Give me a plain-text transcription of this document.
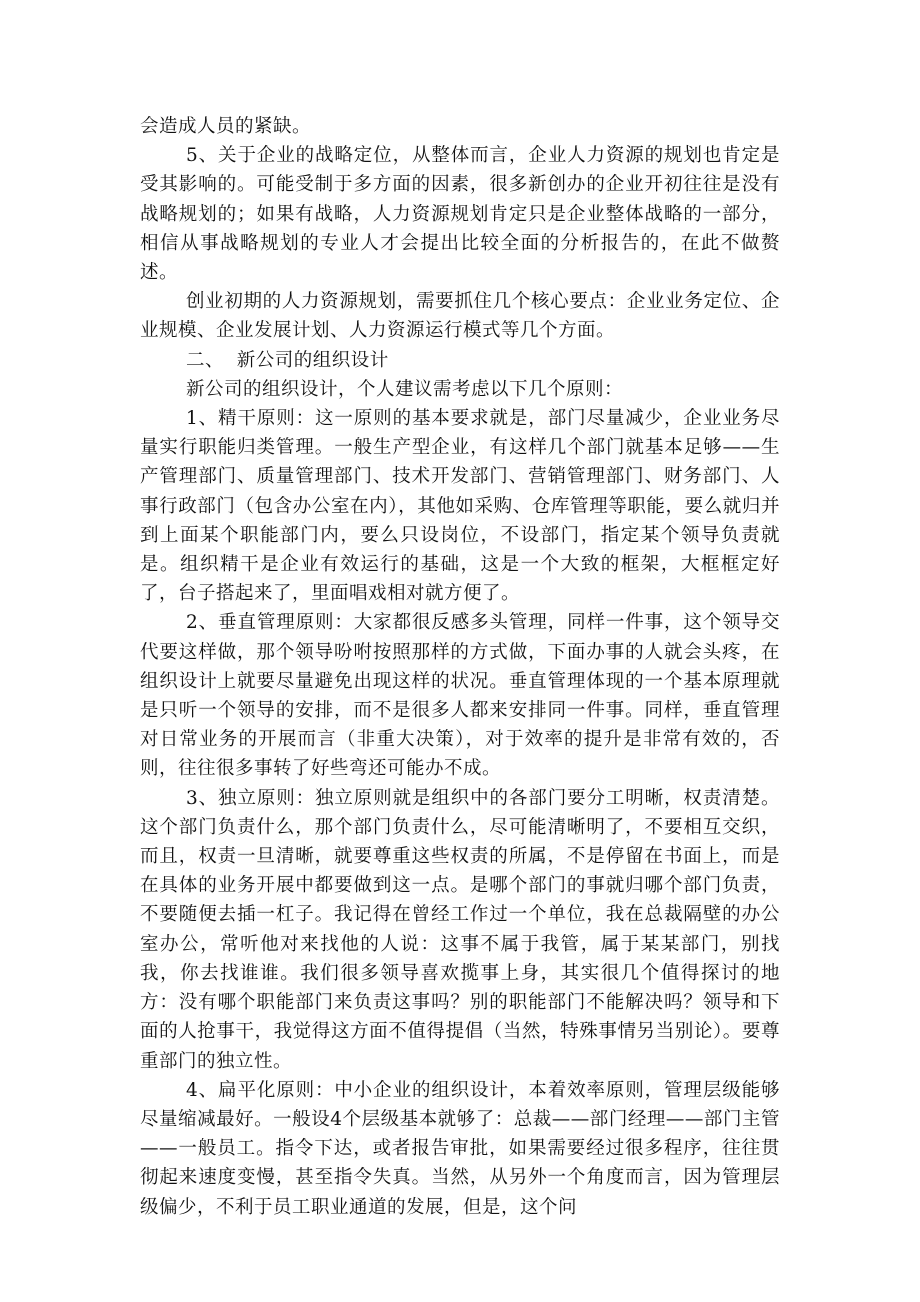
会造成人员的紧缺。

5、关于企业的战略定位，从整体而言，企业人力资源的规划也肯定是受其影响的。可能受制于多方面的因素，很多新创办的企业开初往往是没有战略规划的；如果有战略，人力资源规划肯定只是企业整体战略的一部分，相信从事战略规划的专业人才会提出比较全面的分析报告的，在此不做赘述。

创业初期的人力资源规划，需要抓住几个核心要点：企业业务定位、企业规模、企业发展计划、人力资源运行模式等几个方面。

二、  新公司的组织设计

新公司的组织设计，个人建议需考虑以下几个原则：

1、精干原则：这一原则的基本要求就是，部门尽量减少，企业业务尽量实行职能归类管理。一般生产型企业，有这样几个部门就基本足够——生产管理部门、质量管理部门、技术开发部门、营销管理部门、财务部门、人事行政部门（包含办公室在内），其他如采购、仓库管理等职能，要么就归并到上面某个职能部门内，要么只设岗位，不设部门，指定某个领导负责就是。组织精干是企业有效运行的基础，这是一个大致的框架，大框框定好了，台子搭起来了，里面唱戏相对就方便了。

2、垂直管理原则：大家都很反感多头管理，同样一件事，这个领导交代要这样做，那个领导吩咐按照那样的方式做，下面办事的人就会头疼，在组织设计上就要尽量避免出现这样的状况。垂直管理体现的一个基本原理就是只听一个领导的安排，而不是很多人都来安排同一件事。同样，垂直管理对日常业务的开展而言（非重大决策），对于效率的提升是非常有效的，否则，往往很多事转了好些弯还可能办不成。

3、独立原则：独立原则就是组织中的各部门要分工明晰，权责清楚。这个部门负责什么，那个部门负责什么，尽可能清晰明了，不要相互交织，而且，权责一旦清晰，就要尊重这些权责的所属，不是停留在书面上，而是在具体的业务开展中都要做到这一点。是哪个部门的事就归哪个部门负责，不要随便去插一杠子。我记得在曾经工作过一个单位，我在总裁隔壁的办公室办公，常听他对来找他的人说：这事不属于我管，属于某某部门，别找我，你去找谁谁。我们很多领导喜欢揽事上身，其实很几个值得探讨的地方：没有哪个职能部门来负责这事吗？别的职能部门不能解决吗？领导和下面的人抢事干，我觉得这方面不值得提倡（当然，特殊事情另当别论）。要尊重部门的独立性。

4、扁平化原则：中小企业的组织设计，本着效率原则，管理层级能够尽量缩减最好。一般设4个层级基本就够了：总裁——部门经理——部门主管——一般员工。指令下达，或者报告审批，如果需要经过很多程序，往往贯彻起来速度变慢，甚至指令失真。当然，从另外一个角度而言，因为管理层级偏少，不利于员工职业通道的发展，但是，这个问
